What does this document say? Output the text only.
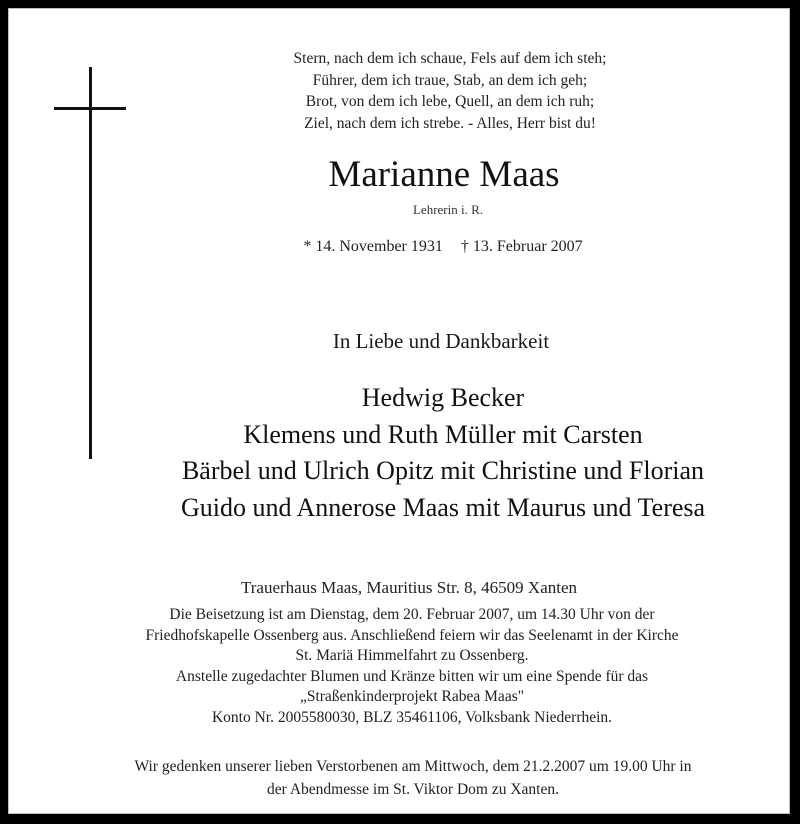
Stern, nach dem ich schaue, Fels auf dem ich steh;
Führer, dem ich traue, Stab, an dem ich geh;
Brot, von dem ich lebe, Quell, an dem ich ruh;
Ziel, nach dem ich strebe. - Alles, Herr bist du!
Marianne Maas
Lehrerin i. R.
* 14. November 1931 † 13. Februar 2007
In Liebe und Dankbarkeit
Hedwig Becker
Klemens und Ruth Müller mit Carsten
Bärbel und Ulrich Opitz mit Christine und Florian
Guido und Annerose Maas mit Maurus und Teresa
Trauerhaus Maas, Mauritius Str. 8, 46509 Xanten
Die Beisetzung ist am Dienstag, dem 20. Februar 2007, um 14.30 Uhr von der
Friedhofskapelle Ossenberg aus. Anschließend feiern wir das Seelenamt in der Kirche
St. Mariä Himmelfahrt zu Ossenberg.
Anstelle zugedachter Blumen und Kränze bitten wir um eine Spende für das
„Straßenkinderprojekt Rabea Maas"
Konto Nr. 2005580030, BLZ 35461106, Volksbank Niederrhein.
Wir gedenken unserer lieben Verstorbenen am Mittwoch, dem 21.2.2007 um 19.00 Uhr in
der Abendmesse im St. Viktor Dom zu Xanten.
